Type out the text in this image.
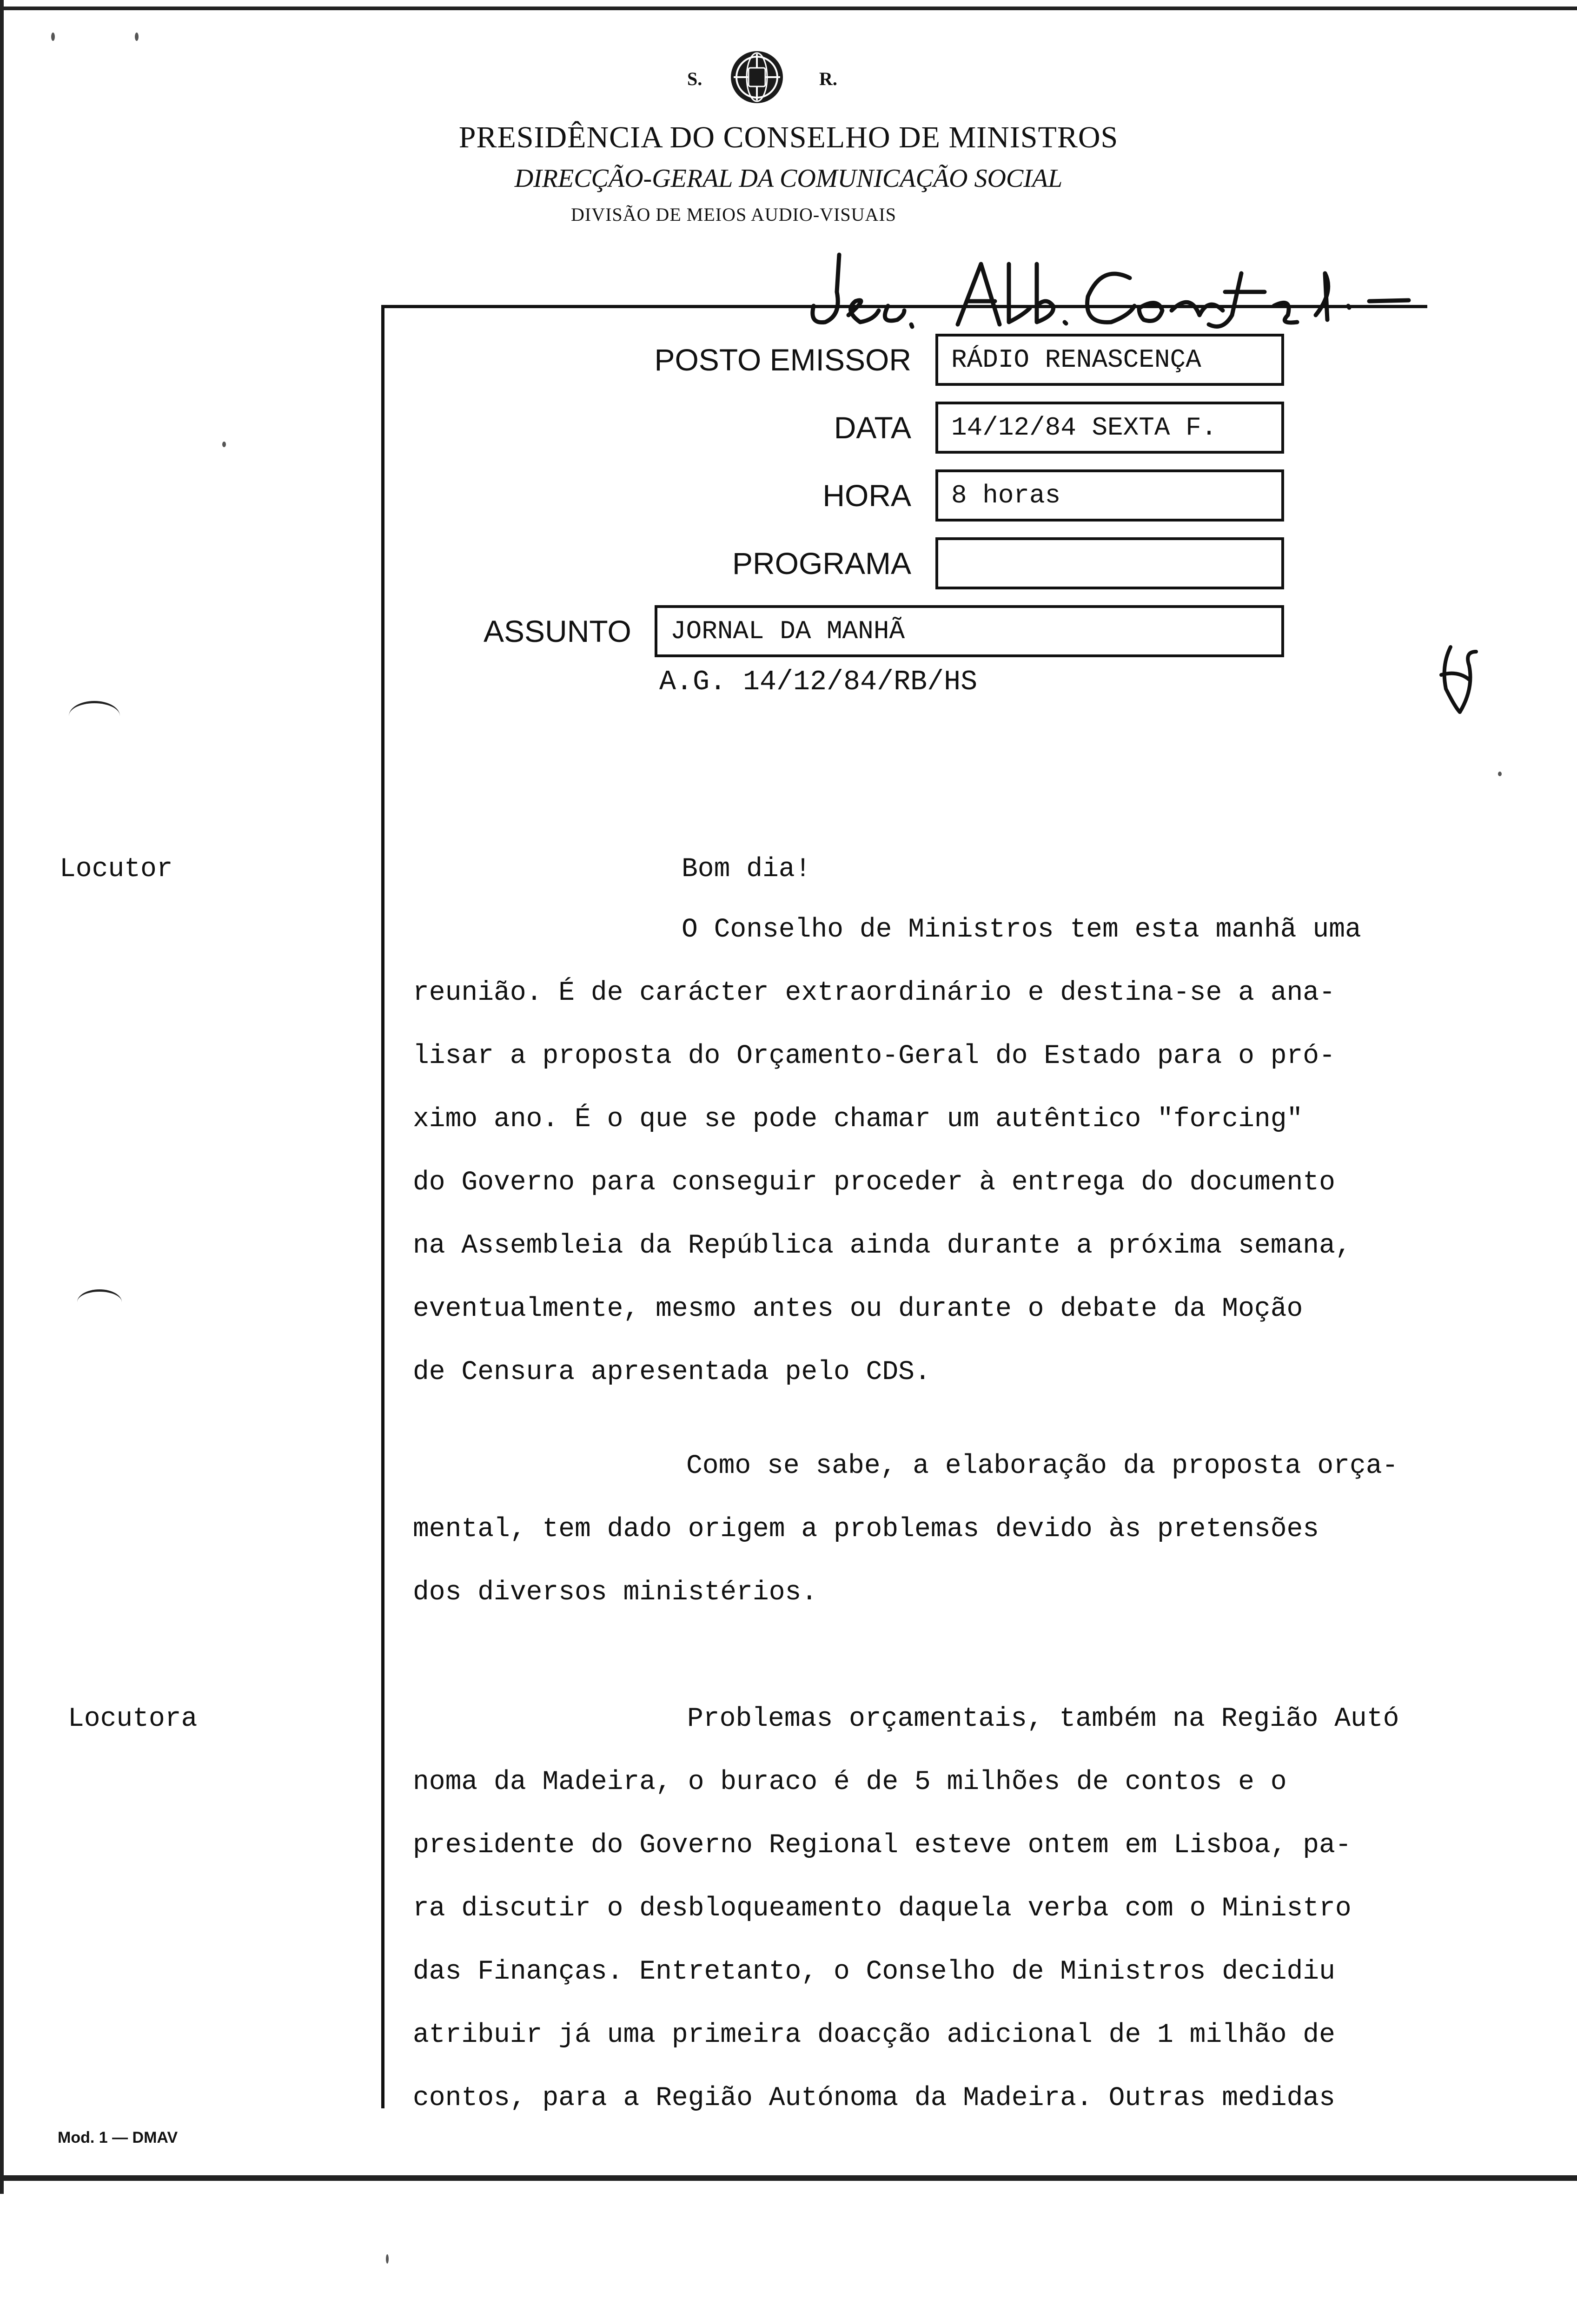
S.	R.
PRESIDÊNCIA DO CONSELHO DE MINISTROS
DIRECÇÃO-GERAL DA COMUNICAÇÃO SOCIAL
DIVISÃO DE MEIOS AUDIO-VISUAIS
Decl. Alb. Coord. Jardim —
POSTO EMISSOR	RÁDIO RENASCENÇA
DATA	14/12/84 SEXTA F.
HORA	8 horas
PROGRAMA
ASSUNTO	JORNAL DA MANHÃ
A.G. 14/12/84/RB/HS
Locutor
Locutora
Bom dia!
O Conselho de Ministros tem esta manhã uma
reunião. É de carácter extraordinário e destina-se a ana-
lisar a proposta do Orçamento-Geral do Estado para o pró-
ximo ano. É o que se pode chamar um autêntico "forcing"
do Governo para conseguir proceder à entrega do documento
na Assembleia da República ainda durante a próxima semana,
eventualmente, mesmo antes ou durante o debate da Moção
de Censura apresentada pelo CDS.
Como se sabe, a elaboração da proposta orça-
mental, tem dado origem a problemas devido às pretensões
dos diversos ministérios.
Problemas orçamentais, também na Região Autó
noma da Madeira, o buraco é de 5 milhões de contos e o
presidente do Governo Regional esteve ontem em Lisboa, pa-
ra discutir o desbloqueamento daquela verba com o Ministro
das Finanças. Entretanto, o Conselho de Ministros decidiu
atribuir já uma primeira doacção adicional de 1 milhão de
contos, para a Região Autónoma da Madeira. Outras medidas
Mod. 1 — DMAV
